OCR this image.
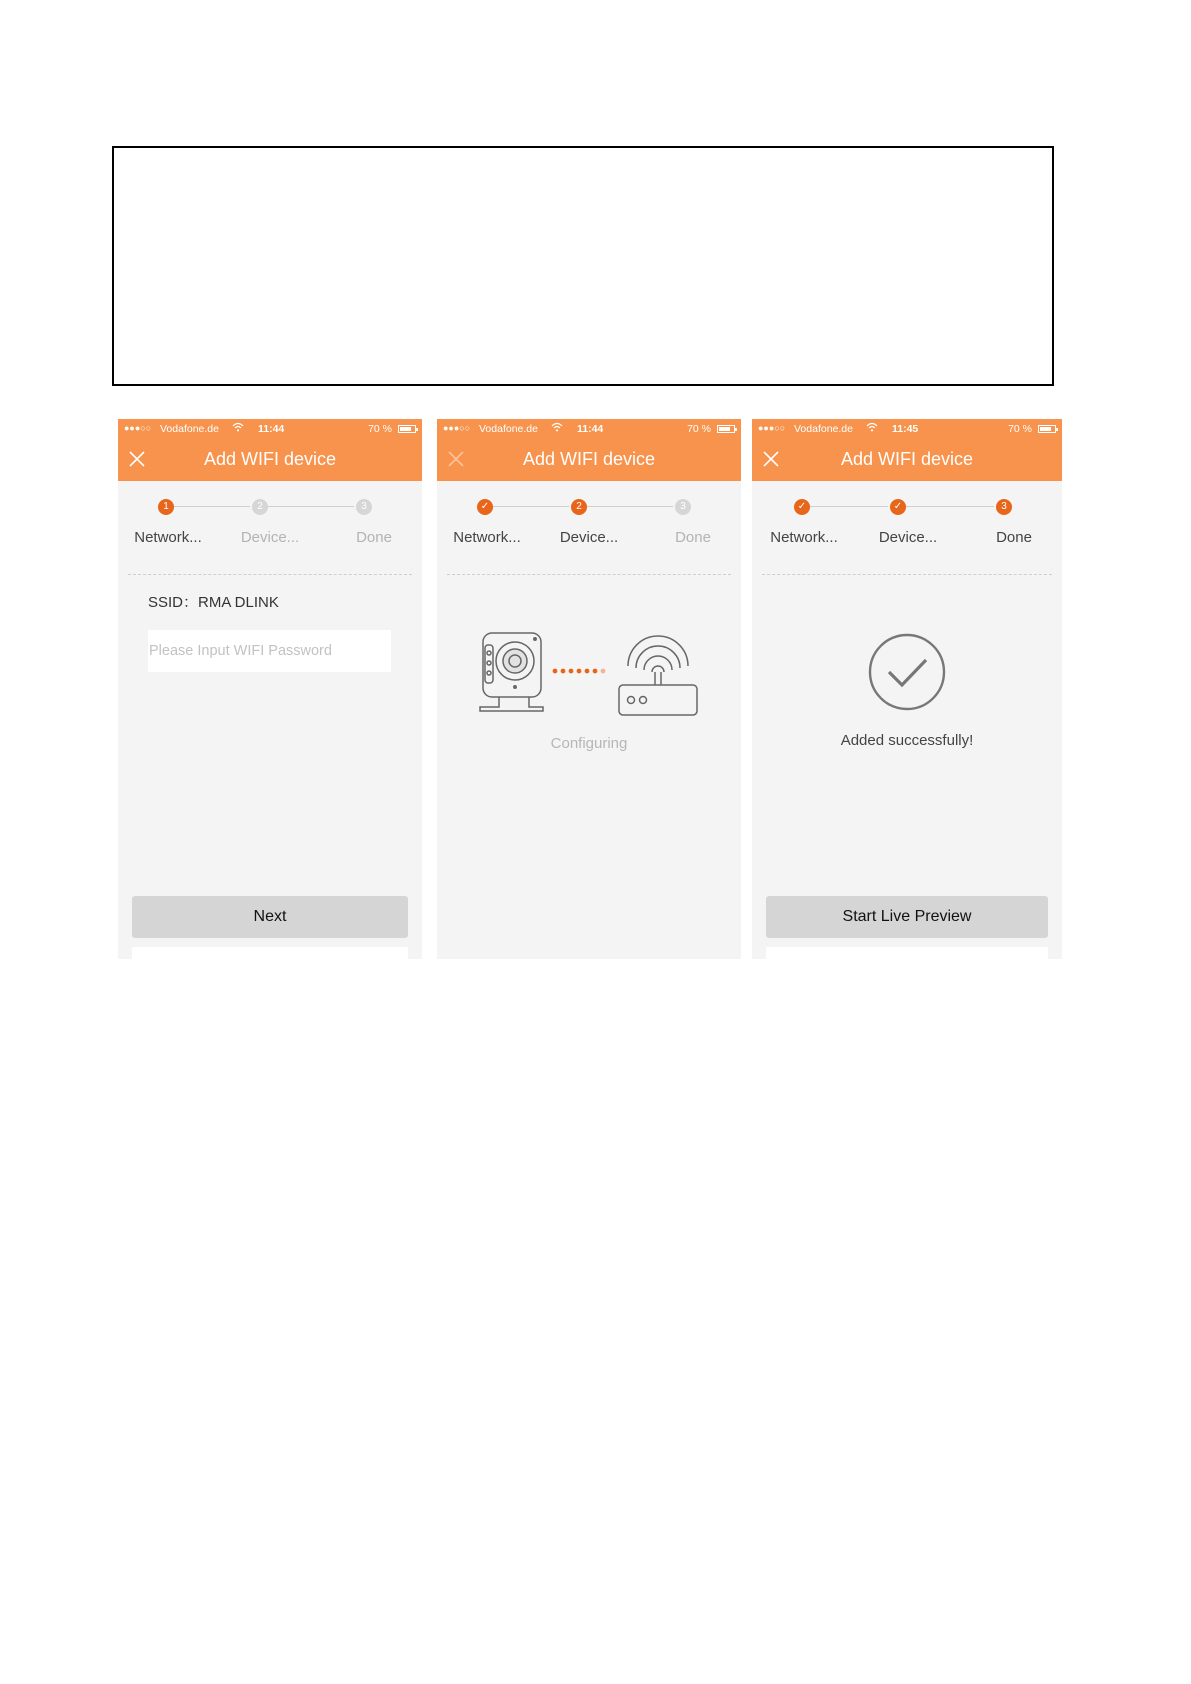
●●●○○ Vodafone.de	11:44	70 %
Add WIFI device
1	2	3
Network...	Device...	Done
SSID：RMA DLINK
Next
●●●○○ Vodafone.de	11:44	70 %
Add WIFI device
✓	2	3
Network...	Device...	Done
Configuring
●●●○○ Vodafone.de	11:45	70 %
Add WIFI device
✓	✓	3
Network...	Device...	Done
Added successfully!
Start Live Preview
